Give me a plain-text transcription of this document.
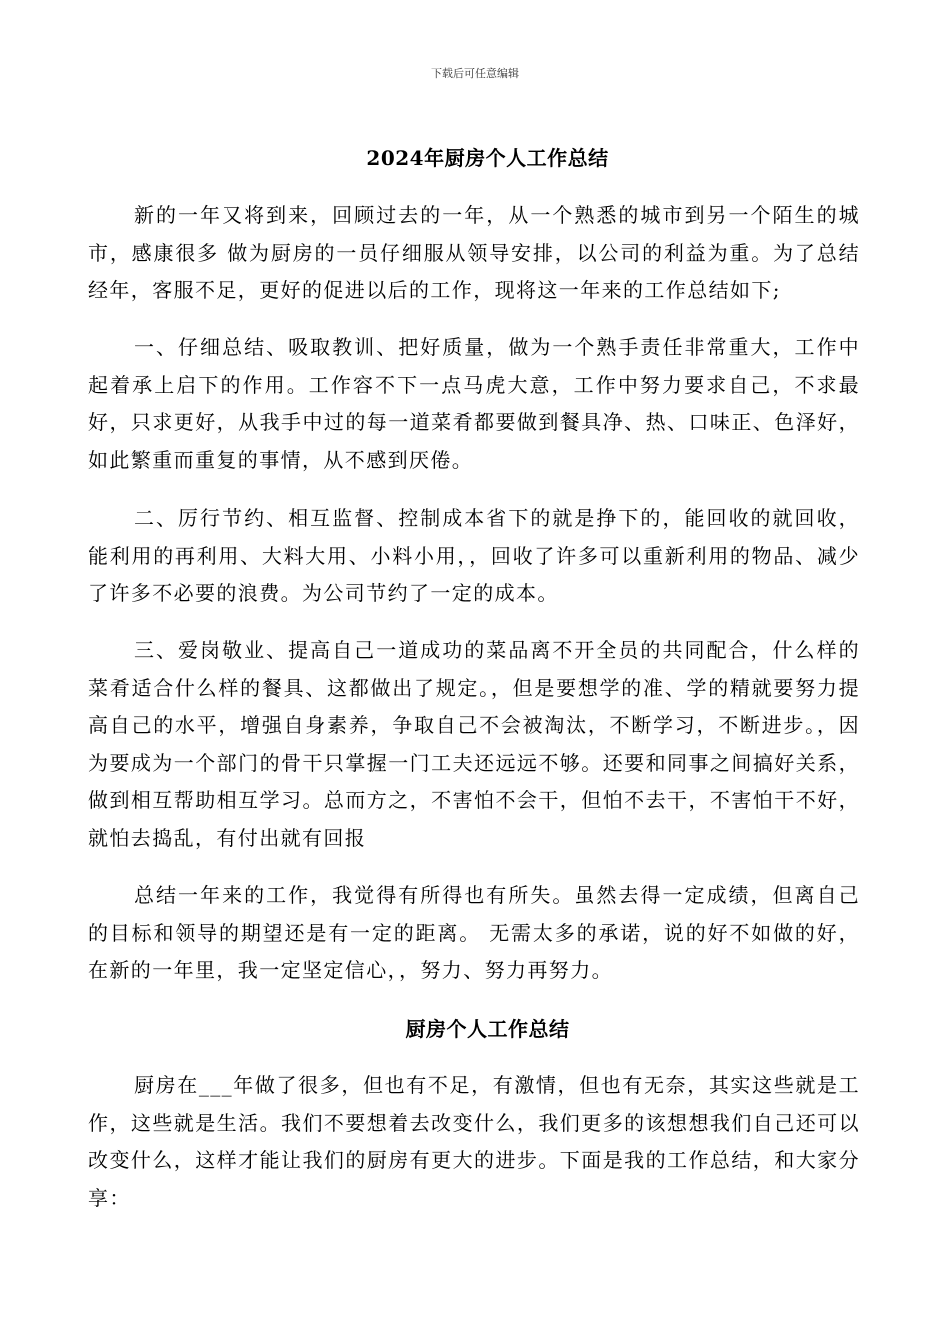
下载后可任意编辑
2024年厨房个人工作总结

新的一年又将到来，回顾过去的一年，从一个熟悉的城市到另一个陌生的城市，感康很多 做为厨房的一员仔细服从领导安排，以公司的利益为重。为了总结经年，客服不足，更好的促进以后的工作，现将这一年来的工作总结如下;

一、仔细总结、吸取教训、把好质量，做为一个熟手责任非常重大，工作中起着承上启下的作用。工作容不下一点马虎大意，工作中努力要求自己，不求最好，只求更好，从我手中过的每一道菜肴都要做到餐具净、热、口味正、色泽好，如此繁重而重复的事情，从不感到厌倦。

二、厉行节约、相互监督、控制成本省下的就是挣下的，能回收的就回收，能利用的再利用、大料大用、小料小用，，回收了许多可以重新利用的物品、减少了许多不必要的浪费。为公司节约了一定的成本。

三、爱岗敬业、提高自己一道成功的菜品离不开全员的共同配合，什么样的菜肴适合什么样的餐具、这都做出了规定。，但是要想学的准、学的精就要努力提高自己的水平，增强自身素养，争取自己不会被淘汰，不断学习，不断进步。，因为要成为一个部门的骨干只掌握一门工夫还远远不够。还要和同事之间搞好关系，做到相互帮助相互学习。总而方之，不害怕不会干，但怕不去干，不害怕干不好，就怕去捣乱，有付出就有回报

总结一年来的工作，我觉得有所得也有所失。虽然去得一定成绩，但离自己的目标和领导的期望还是有一定的距离。 无需太多的承诺，说的好不如做的好，在新的一年里，我一定坚定信心，，努力、努力再努力。

厨房个人工作总结

厨房在___年做了很多，但也有不足，有激情，但也有无奈，其实这些就是工作，这些就是生活。我们不要想着去改变什么，我们更多的该想想我们自己还可以改变什么，这样才能让我们的厨房有更大的进步。下面是我的工作总结，和大家分享：
